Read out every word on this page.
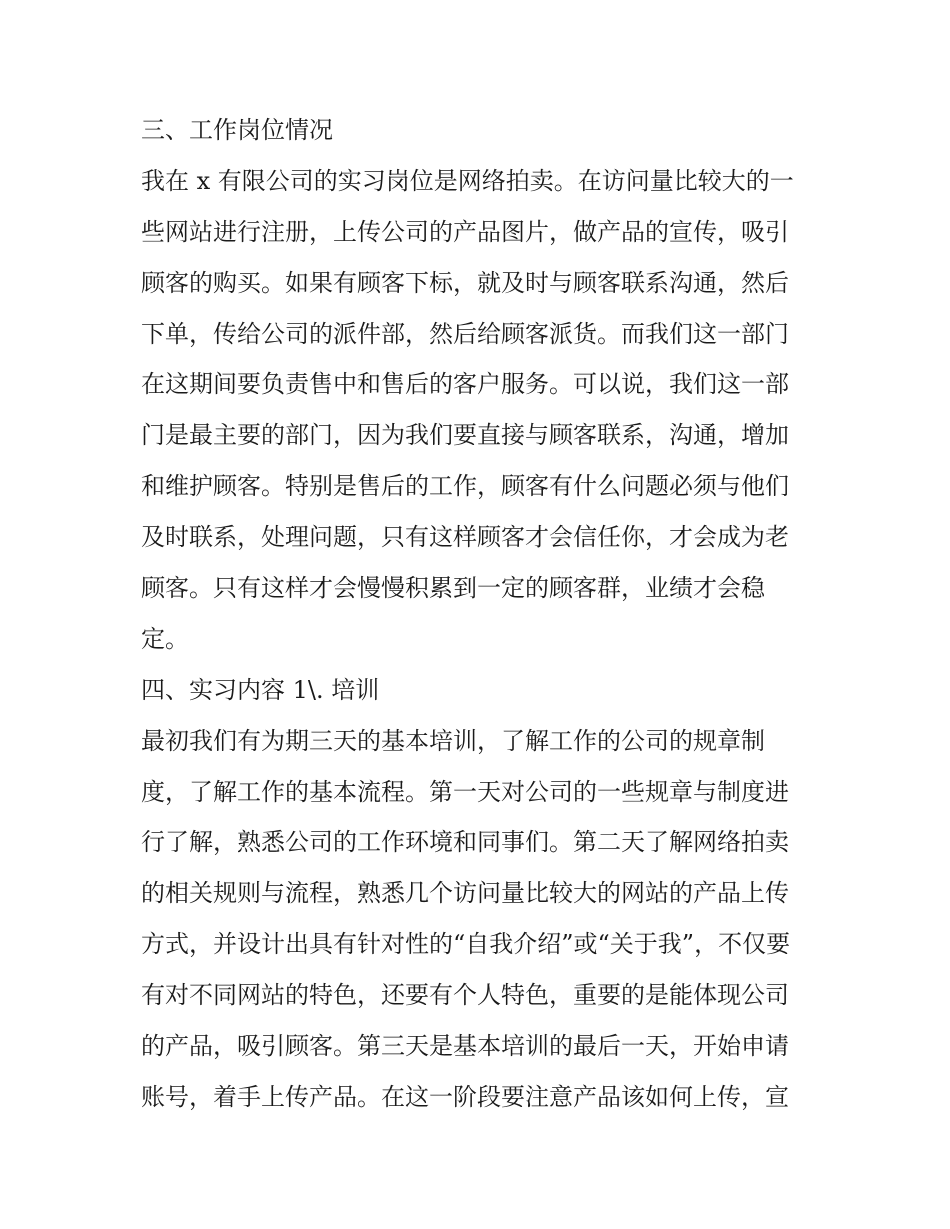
三、工作岗位情况
我在 x 有限公司的实习岗位是网络拍卖。在访问量比较大的一
些网站进行注册，上传公司的产品图片，做产品的宣传，吸引
顾客的购买。如果有顾客下标，就及时与顾客联系沟通，然后
下单，传给公司的派件部，然后给顾客派货。而我们这一部门
在这期间要负责售中和售后的客户服务。可以说，我们这一部
门是最主要的部门，因为我们要直接与顾客联系，沟通，增加
和维护顾客。特别是售后的工作，顾客有什么问题必须与他们
及时联系，处理问题，只有这样顾客才会信任你，才会成为老
顾客。只有这样才会慢慢积累到一定的顾客群，业绩才会稳
定。
四、实习内容 1\. 培训
最初我们有为期三天的基本培训，了解工作的公司的规章制
度，了解工作的基本流程。第一天对公司的一些规章与制度进
行了解，熟悉公司的工作环境和同事们。第二天了解网络拍卖
的相关规则与流程，熟悉几个访问量比较大的网站的产品上传
方式，并设计出具有针对性的“自我介绍”或“关于我”，不仅要
有对不同网站的特色，还要有个人特色，重要的是能体现公司
的产品，吸引顾客。第三天是基本培训的最后一天，开始申请
账号，着手上传产品。在这一阶段要注意产品该如何上传，宣
